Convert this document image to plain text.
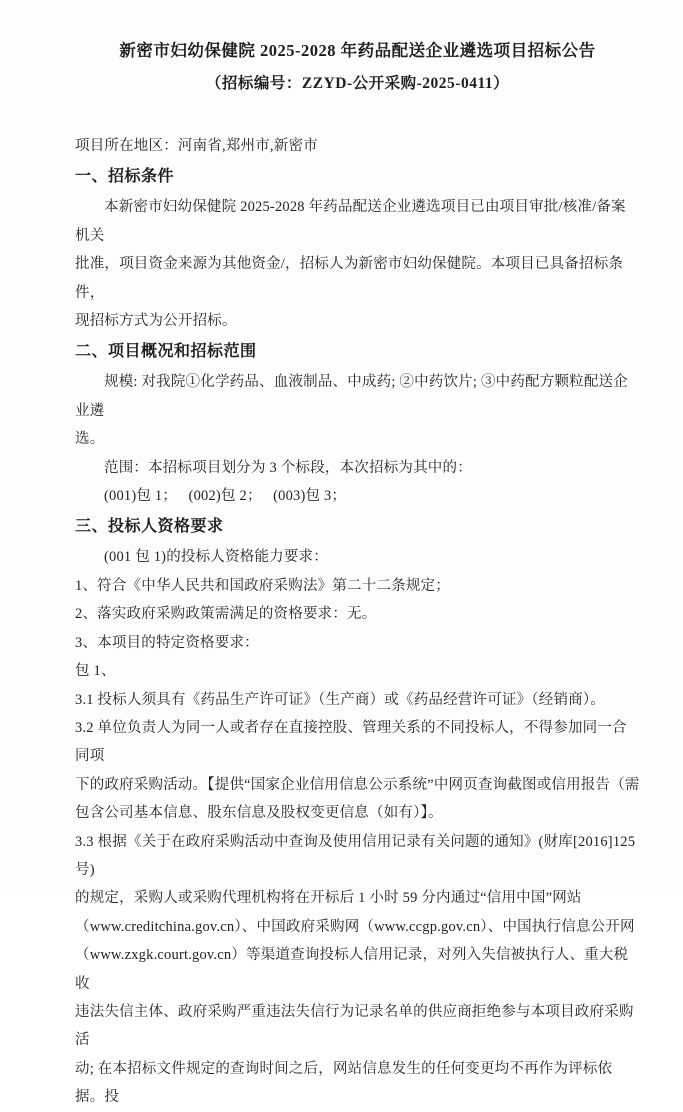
新密市妇幼保健院 2025-2028 年药品配送企业遴选项目招标公告
（招标编号：ZZYD-公开采购-2025-0411）
项目所在地区：河南省,郑州市,新密市
一、招标条件
本新密市妇幼保健院 2025-2028 年药品配送企业遴选项目已由项目审批/核准/备案机关
批准，项目资金来源为其他资金/，招标人为新密市妇幼保健院。本项目已具备招标条件，
现招标方式为公开招标。
二、项目概况和招标范围
规模: 对我院①化学药品、血液制品、中成药; ②中药饮片; ③中药配方颗粒配送企业遴
选。
范围：本招标项目划分为 3 个标段，本次招标为其中的：
(001)包 1；   (002)包 2；   (003)包 3；
三、投标人资格要求
(001 包 1)的投标人资格能力要求：
1、符合《中华人民共和国政府采购法》第二十二条规定；
2、落实政府采购政策需满足的资格要求：无。
3、本项目的特定资格要求：
包 1、
3.1 投标人须具有《药品生产许可证》（生产商）或《药品经营许可证》（经销商）。
3.2 单位负责人为同一人或者存在直接控股、管理关系的不同投标人，不得参加同一合同项
下的政府采购活动。【提供“国家企业信用信息公示系统”中网页查询截图或信用报告（需
包含公司基本信息、股东信息及股权变更信息（如有）】。
3.3 根据《关于在政府采购活动中查询及使用信用记录有关问题的通知》(财库[2016]125 号)
的规定，采购人或采购代理机构将在开标后 1 小时 59 分内通过“信用中国”网站
（www.creditchina.gov.cn）、中国政府采购网（www.ccgp.gov.cn）、中国执行信息公开网
（www.zxgk.court.gov.cn）等渠道查询投标人信用记录，对列入失信被执行人、重大税收
违法失信主体、政府采购严重违法失信行为记录名单的供应商拒绝参与本项目政府采购活
动; 在本招标文件规定的查询时间之后，网站信息发生的任何变更均不再作为评标依据。投
